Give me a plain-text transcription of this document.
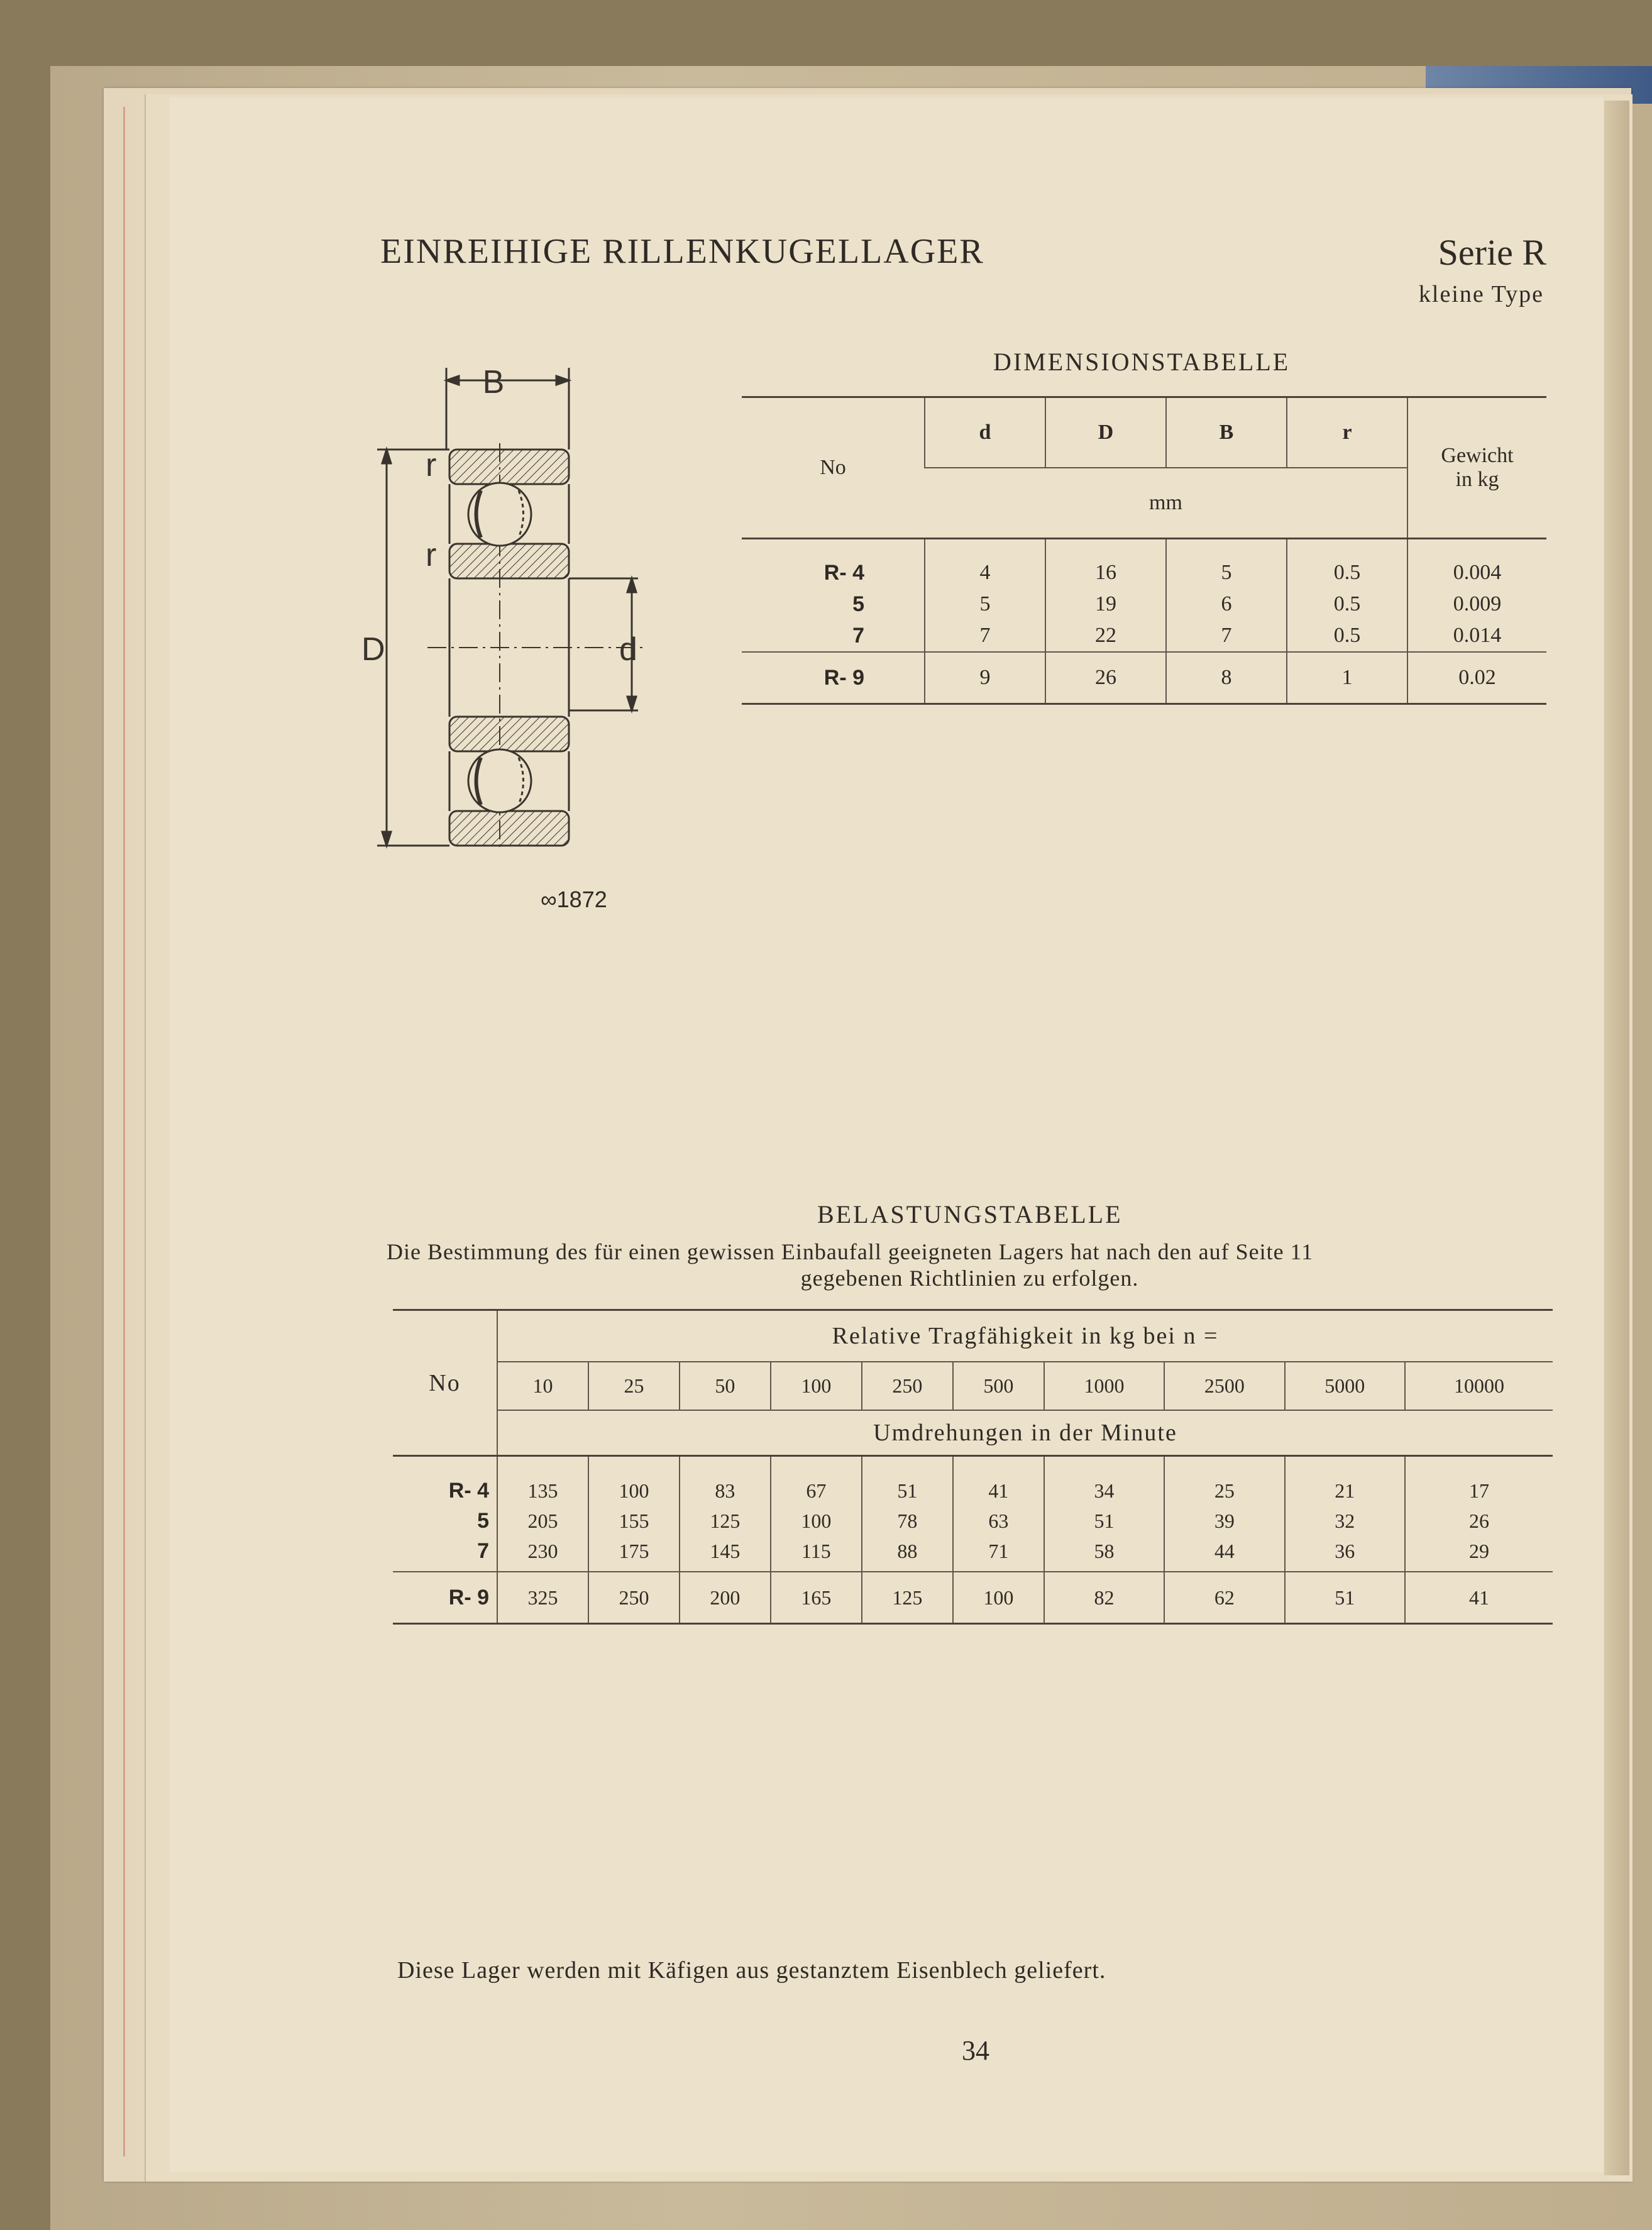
EINREIHIGE RILLENKUGELLAGER	Serie R
kleine Type
B
r
r
D	d
∞1872
DIMENSIONSTABELLE
No	d	D	B	r	Gewicht
in kg

	mm				
R- 4	4	16	5	0.5	0.004
5	5	19	6	0.5	0.009
7	7	22	7	0.5	0.014
R- 9	9	26	8	1	0.02
BELASTUNGSTABELLE
Die Bestimmung des für einen gewissen Einbaufall geeigneten Lagers hat nach den auf Seite 11
gegebenen Richtlinien zu erfolgen.
No	Relative Tragfähigkeit in kg bei n =									
	10	25	50	100	250	500	1000	2500	5000	10000
	Umdrehungen in der Minute									
R- 4	135	100	83	67	51	41	34	25	21	17
5	205	155	125	100	78	63	51	39	32	26
7	230	175	145	115	88	71	58	44	36	29
R- 9	325	250	200	165	125	100	82	62	51	41
Diese Lager werden mit Käfigen aus gestanztem Eisenblech geliefert.
34
